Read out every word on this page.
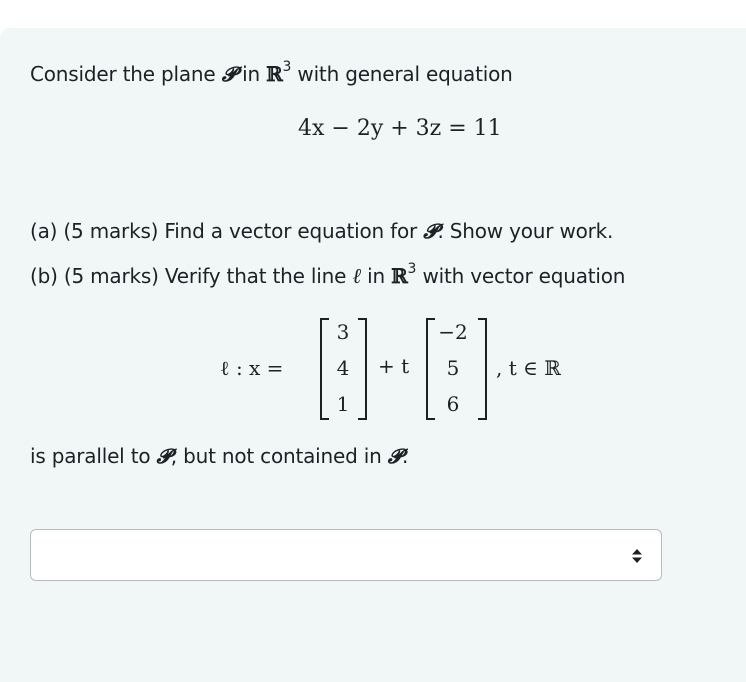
Consider the plane 𝓟 in ℝ$^3$ with general equation
4x − 2y + 3z = 11
(a) (5 marks) Find a vector equation for 𝓟. Show your work.
(b) (5 marks) Verify that the line ℓ in ℝ$^3$ with vector equation
ℓ : x =
3
4
1
+ t
−2
5
6
, t ∈ ℝ
is parallel to 𝓟, but not contained in 𝓟.
